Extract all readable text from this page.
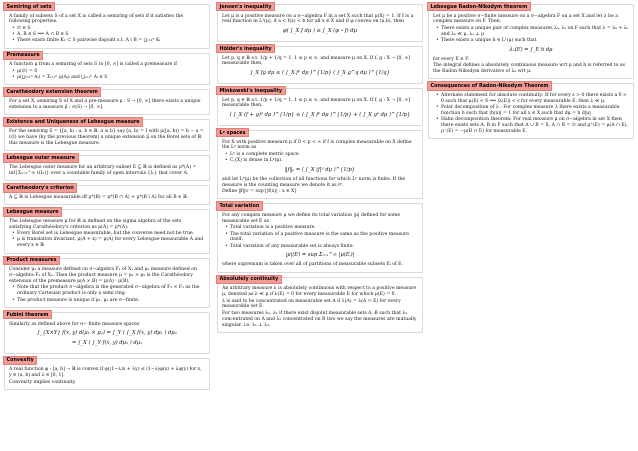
Semiring of sets

A family of subsets S of a set X is called a semiring of sets if it satisfies the following properties.

• ∅ ∈ S
• A, B ∈ S ⟹ A ∩ B ∈ S
• There exists finite K₁ ⊂ S pairwise disjoint s.t. A \ B = ⋃ᵢ₌₁ⁿ Kᵢ
Premeasure

A function μ from a semiring of sets S to [0, ∞] is called a premeasure if

• μ(∅) = 0
• μ(⋃ᵢ₌₁ⁿ Aᵢ) = Σᵢ₌₁ⁿ μ(Aᵢ) and ⋃ᵢ₌₁ⁿ Aᵢ ∈ S
Carathéodory extension theorem

For a set X, semiring S of X and a pre-measure μ : S → [0, ∞] there exists a unique extension to a measure μ̄ : σ(S) → [0, ∞].

Existence and Uniqueness of Lebesgue measure

For the semiring S = {[a, b) : a, b ∈ ℝ, a ≤ b} say [a, b) = I with μ([a, b)) = b − a = ℓ(I) we have (by the previous theorem) a unique extension μ̄ on the Borel sets of ℝ this measure is the Lebesgue measure.

Lebesgue outer measure

The Lebesgue outer measure for an arbitrary subset E ⊆ ℝ is defined as μ*(A) = inf{Σₙ₌₁^∞ ℓ(Iₙ)} over a countable family of open intervals {Iₙ} that cover A.

Carathéodory's criterion

A ⊆ ℝ is Lebesgue measurable iff μ*(B) = μ*(B ∩ A) + μ*(B \ A) for all B ∈ ℝ.

Lebesgue measure

The Lebesgue measure μ for ℝ is defined on the sigma algebra of the sets satisfying Carathéodory's criterion as μ(A) = μ*(A).

• Every Borel set is Lebesgue measurable, but the converse need not be true.
• μ is translation invariant, μ(A + x) = μ(A) for every Lebesgue measurable A and every x ∈ ℝ
Product measures

Consider μ₁ a measure defined on σ−algebra F₁ of X₁ and μ₂ measure defined on σ−algebra F₂ of X₂. Then the product measure μ = μ₁ × μ₂ is the Carathéodory extension of the premeasure μ(A × B) = μ(A) · μ(B).

• Note that the product σ−algebra is the generated σ−algebra of F₁ × F₂ as the ordinary Cartesian product is only a semi ring.
• The product measure is unique if μ₁, μ₂ are σ−finite.
Fubini theorem

Similarly as defined above for σ− finite measure spaces

∫_{X×Y} f(x, y) d(μ₁ × μ₂) = ∫_Y ( ∫_X f(x, y) dμ₁ ) dμ₂
= ∫_X ( ∫_Y f(x, y) dμ₂ ) dμ₁
Convexity

A real function φ : [a, b] → ℝ is convex if φ((1−λ)x + λy) ≤ (1−λ)φ(x) + λφ(y) for x, y ∈ (a, b) and λ ∈ [0, 1].

Convexity implies continuity.

Jensen's inequality

Let μ is a positive measure on a σ−algebra F in a set X such that μ(X) = 1. If f is a real function in L¹(μ), if a < f(x) < b for all x ∈ X and if φ convex on (a,b), then

φ( ∫_X f dμ ) ≤ ∫_X (φ ∘ f) dμ
Hölder's inequality

Let p, q ∈ ℝ s.t. 1/p + 1/q = 1, 1 ≤ p ≤ ∞, and measure μ on X. If f, g : X → [0, ∞] measurable then,

∫_X fg dμ ≤ ( ∫_X fᵖ dμ )^{1/p} ( ∫_X g^q dμ )^{1/q}
Minkowski's inequality

Let p, q ∈ ℝ s.t. 1/p + 1/q = 1, 1 ≤ p ≤ ∞, and measure μ on X. If f, g : X → [0, ∞] measurable then,

( ∫_X (f + g)ᵖ dμ )^{1/p} ≤ ( ∫_X fᵖ dμ )^{1/p} + ( ∫_X gᵖ dμ )^{1/p}
Lᵖ spaces

For X with positive measure μ if 0 < p < ∞ if f is complex measurable on X define the Lᵖ norm as

• Lᵖ is a complete metric space.
• C꜀(X) is dense in Lᵖ(μ).
‖f‖ₚ = ( ∫_X |f|ᵖ dμ )^{1/p}

and let Lᵖ(μ) be the collection of all functions for which Lᵖ norm is finite. If the measure is the counting measure we denote it as ℓᵖ.

Define ‖f‖∞ = sup{|f(x)| : x ∈ X}

Total variation

For any complex measure μ we define its total variation |μ| defined for some measurable set E as

• Total variation is a positive measure.
• The total variation of a positive measure is the same as the positive measure itself.
• Total variation of any measurable set is always finite.
|μ|(E) = sup Σᵢ₌₁^∞ |μ(Eᵢ)|

where supremum is taken over all of partitions of measurable subsets Eᵢ of E.

Absolutely continuity

An arbitrary measure λ is absolutely continuous with respect to a positive measure μ, denoted as λ ≪ μ if λ(E) = 0 for every measurable E for which μ(E) = 0.

λ is said to be concentrated on measurable set A if λ(A) = λ(A ∩ E) for every measurable set E.

For two measures λ₁, λ₂ if there exist disjoint measurable sets A, B such that λ₁ concentrated on A and λ₂ concentrated on B two we say the measures are mutually singular, i.e. λ₁ ⊥ λ₂.

Lebesgue Radon-Nikodym theorem

Let μ be a positive σ−finite measure on a σ−algebra F on a set X and let λ be a complex measure on F. Then,

• There exists a unique pair of complex measures λₐ, λₛ on F such that λ = λₐ + λₛ and λₐ ≪ μ, λₛ ⊥ μ
• There exists a unique h ∈ L¹(μ) such that
λₐ(E) = ∫_E h dμ

for every E ∈ F.

The integral defines a absolutely continuous measure wrt μ and h is referred to as the Radon-Nikodym derivative of λₐ wrt μ.

Consequences of Radon-Nikodym Theorem
• Alternate statement for absolute continuity: If for every ε > 0 there exists a δ > 0 such that μ(E) < δ ⟹ |λ(E)| < ε for every measurable E, then λ ≪ μ.
• Polar decomposition of λ : For complex measure λ there exists a measurable function h such that |h(x)| = 1 for all x ∈ X such that dμ = h d|μ|
• Hahn decomposition theorem: For real measure μ on σ−algebra in set X then there exists sets A, B in F such that A ∪ B = X, A ∩ B = ∅ and μ⁺(E) = μ(A ∩ E), μ⁻(E) = −μ(B ∩ E) for measurable E.
